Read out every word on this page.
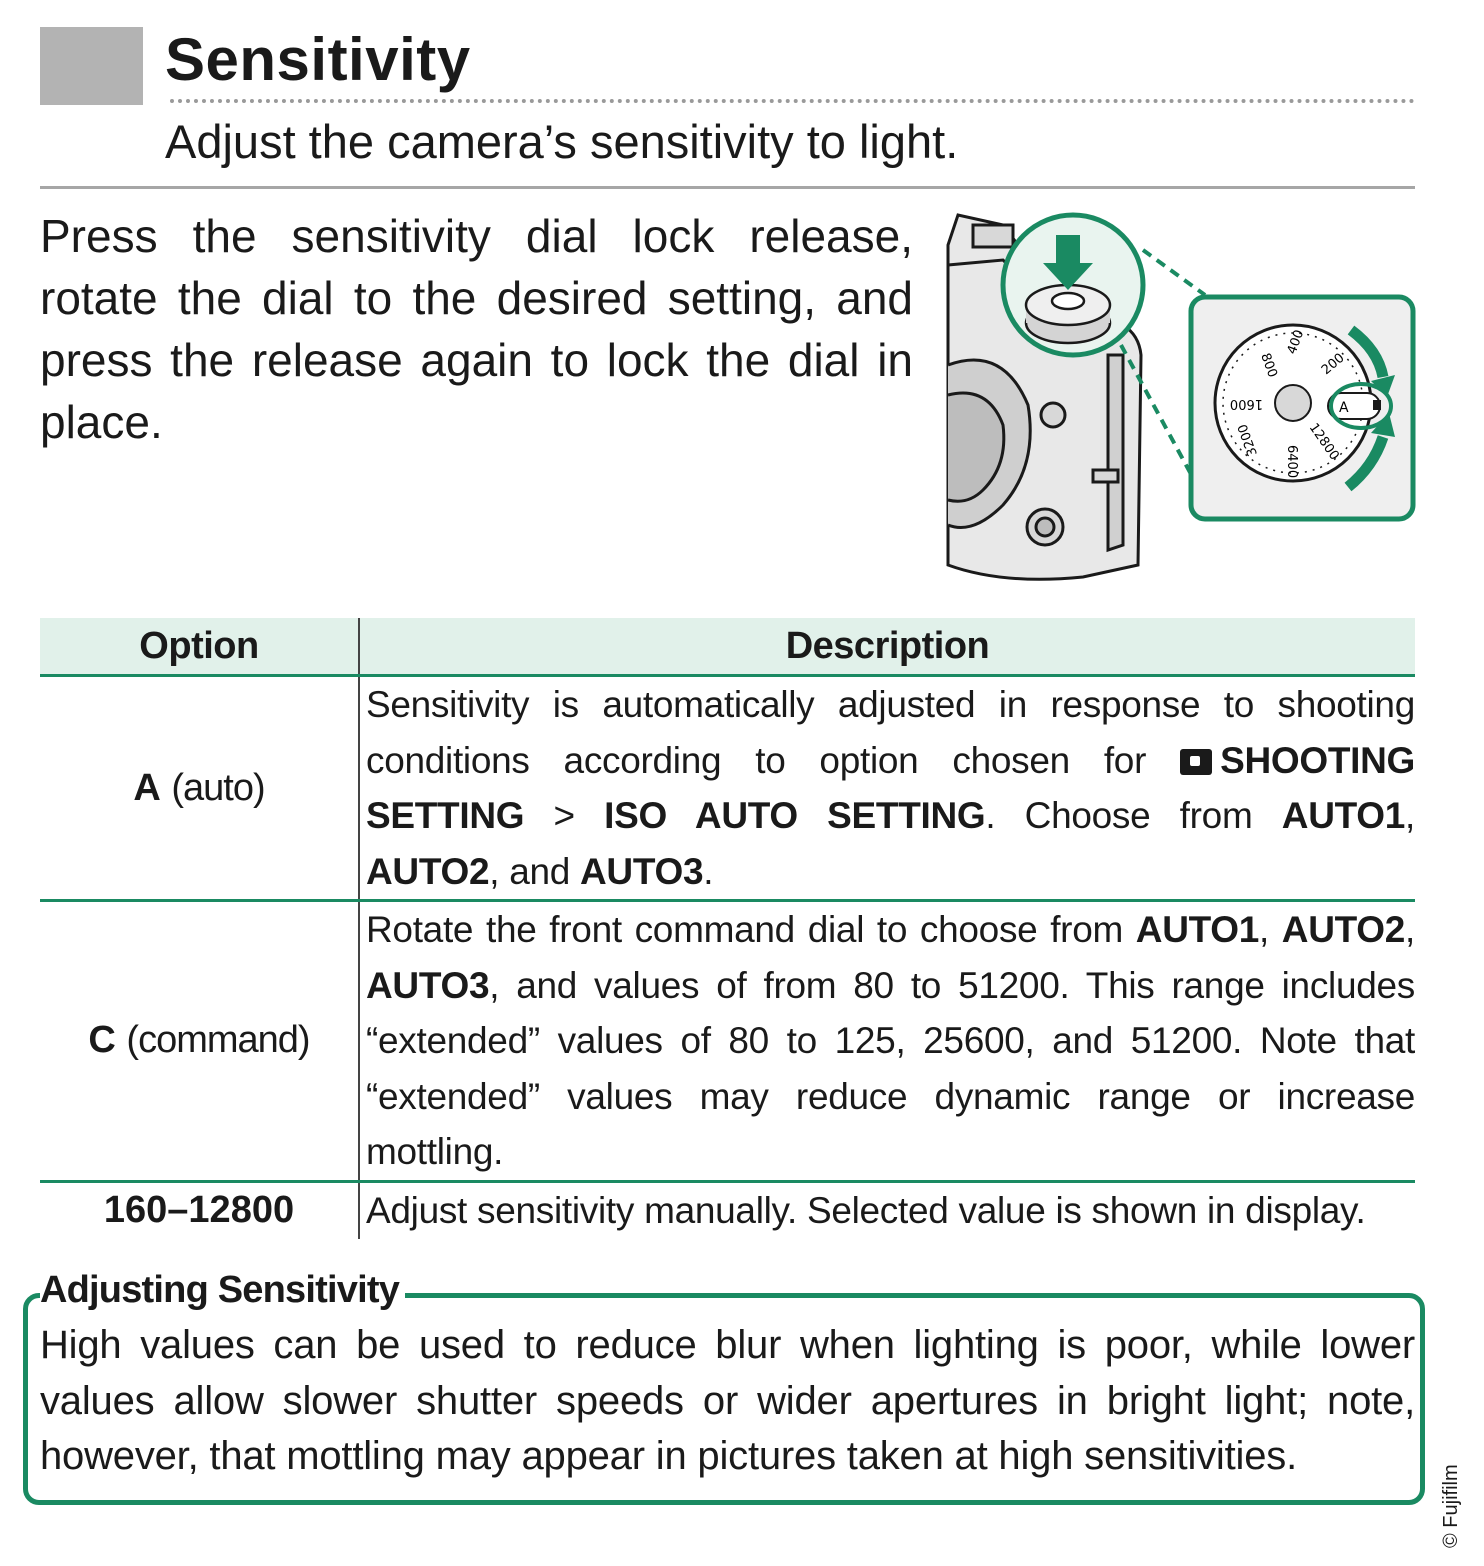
Sensitivity
Adjust the camera’s sensitivity to light.
Press the sensitivity dial lock release, rotate the dial to the desired setting, and press the release again to lock the dial in place.
400
800
1600
3200
6400 12800
200
A
Option	Description
A (auto)	Sensitivity is automatically adjusted in response to shooting conditions according to option chosen for SHOOTING SETTING > ISO AUTO SETTING. Choose from AUTO1, AUTO2, and AUTO3.
C (command)	Rotate the front command dial to choose from AUTO1, AUTO2, AUTO3, and values of from 80 to 51200. This range includes “extended” values of 80 to 125, 25600, and 51200. Note that “extended” values may reduce dynamic range or increase mottling.
160–12800	Adjust sensitivity manually. Selected value is shown in display.
Adjusting Sensitivity
High values can be used to reduce blur when lighting is poor, while lower values allow slower shutter speeds or wider apertures in bright light; note, however, that mottling may appear in pictures taken at high sensitivities.
© Fujifilm
